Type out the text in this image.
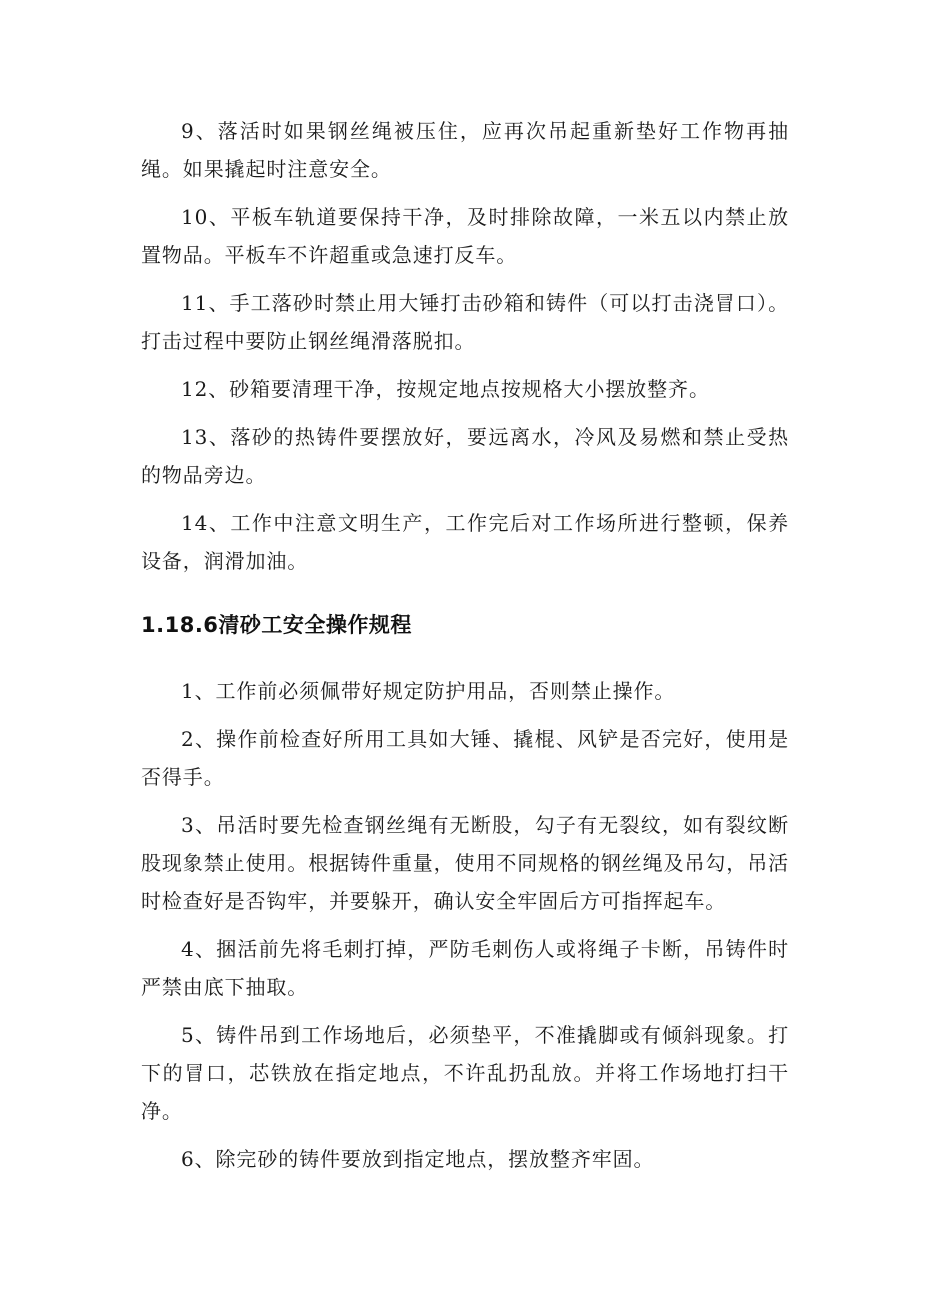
9、落活时如果钢丝绳被压住，应再次吊起重新垫好工作物再抽绳。如果撬起时注意安全。

10、平板车轨道要保持干净，及时排除故障，一米五以内禁止放置物品。平板车不许超重或急速打反车。

11、手工落砂时禁止用大锤打击砂箱和铸件（可以打击浇冒口）。打击过程中要防止钢丝绳滑落脱扣。

12、砂箱要清理干净，按规定地点按规格大小摆放整齐。

13、落砂的热铸件要摆放好，要远离水，冷风及易燃和禁止受热的物品旁边。

14、工作中注意文明生产，工作完后对工作场所进行整顿，保养设备，润滑加油。

1.18.6清砂工安全操作规程

1、工作前必须佩带好规定防护用品，否则禁止操作。

2、操作前检查好所用工具如大锤、撬棍、风铲是否完好，使用是否得手。

3、吊活时要先检查钢丝绳有无断股，勾子有无裂纹，如有裂纹断股现象禁止使用。根据铸件重量，使用不同规格的钢丝绳及吊勾，吊活时检查好是否钩牢，并要躲开，确认安全牢固后方可指挥起车。

4、捆活前先将毛刺打掉，严防毛刺伤人或将绳子卡断，吊铸件时严禁由底下抽取。

5、铸件吊到工作场地后，必须垫平，不准撬脚或有倾斜现象。打下的冒口，芯铁放在指定地点，不许乱扔乱放。并将工作场地打扫干净。

6、除完砂的铸件要放到指定地点，摆放整齐牢固。
